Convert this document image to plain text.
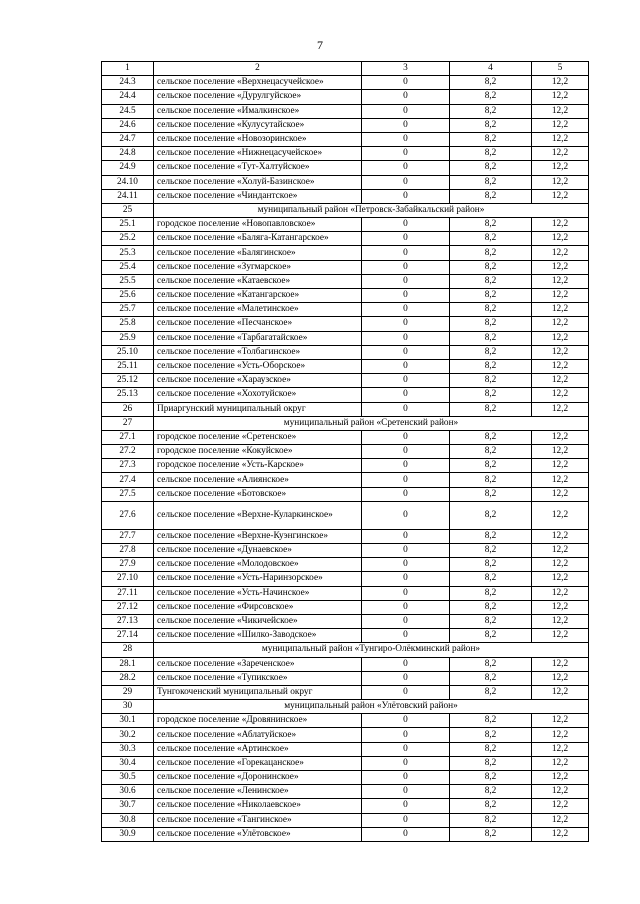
7
1	2	3	4	5
24.3	сельское поселение «Верхнецасучейское»	0	8,2	12,2
24.4	сельское поселение «Дурулгуйское»	0	8,2	12,2
24.5	сельское поселение «Ималкинское»	0	8,2	12,2
24.6	сельское поселение «Кулусутайское»	0	8,2	12,2
24.7	сельское поселение «Новозоринское»	0	8,2	12,2
24.8	сельское поселение «Нижнецасучейское»	0	8,2	12,2
24.9	сельское поселение «Тут-Халтуйское»	0	8,2	12,2
24.10	сельское поселение «Холуй-Базинское»	0	8,2	12,2
24.11	сельское поселение «Чиндантское»	0	8,2	12,2
25	муниципальный район «Петровск-Забайкальский район»			
25.1	городское поселение «Новопавловское»	0	8,2	12,2
25.2	сельское поселение «Баляга-Катангарское»	0	8,2	12,2
25.3	сельское поселение «Балягинское»	0	8,2	12,2
25.4	сельское поселение «Зугмарское»	0	8,2	12,2
25.5	сельское поселение «Катаевское»	0	8,2	12,2
25.6	сельское поселение «Катангарское»	0	8,2	12,2
25.7	сельское поселение «Малетинское»	0	8,2	12,2
25.8	сельское поселение «Песчанское»	0	8,2	12,2
25.9	сельское поселение «Тарбагатайское»	0	8,2	12,2
25.10	сельское поселение «Толбагинское»	0	8,2	12,2
25.11	сельское поселение «Усть-Оборское»	0	8,2	12,2
25.12	сельское поселение «Хараузское»	0	8,2	12,2
25.13	сельское поселение «Хохотуйское»	0	8,2	12,2
26	Приаргунский муниципальный округ	0	8,2	12,2
27	муниципальный район «Сретенский район»			
27.1	городское поселение «Сретенское»	0	8,2	12,2
27.2	городское поселение «Кокуйское»	0	8,2	12,2
27.3	городское поселение «Усть-Карское»	0	8,2	12,2
27.4	сельское поселение «Алиянское»	0	8,2	12,2
27.5	сельское поселение «Ботовское»	0	8,2	12,2
27.6	сельское поселение «Верхне-Куларкинское»	0	8,2	12,2
27.7	сельское поселение «Верхне-Куэнгинское»	0	8,2	12,2
27.8	сельское поселение «Дунаевское»	0	8,2	12,2
27.9	сельское поселение «Молодовское»	0	8,2	12,2
27.10	сельское поселение «Усть-Наринзорское»	0	8,2	12,2
27.11	сельское поселение «Усть-Начинское»	0	8,2	12,2
27.12	сельское поселение «Фирсовское»	0	8,2	12,2
27.13	сельское поселение «Чикичейское»	0	8,2	12,2
27.14	сельское поселение «Шилко-Заводское»	0	8,2	12,2
28	муниципальный район «Тунгиро-Олёкминский район»			
28.1	сельское поселение «Зареченское»	0	8,2	12,2
28.2	сельское поселение «Тупикское»	0	8,2	12,2
29	Тунгокоченский муниципальный округ	0	8,2	12,2
30	муниципальный район «Улётовский район»			
30.1	городское поселение «Дровянинское»	0	8,2	12,2
30.2	сельское поселение «Аблатуйское»	0	8,2	12,2
30.3	сельское поселение «Артинское»	0	8,2	12,2
30.4	сельское поселение «Горекацанское»	0	8,2	12,2
30.5	сельское поселение «Доронинское»	0	8,2	12,2
30.6	сельское поселение «Ленинское»	0	8,2	12,2
30.7	сельское поселение «Николаевское»	0	8,2	12,2
30.8	сельское поселение «Тангинское»	0	8,2	12,2
30.9	сельское поселение «Улётовское»	0	8,2	12,2
